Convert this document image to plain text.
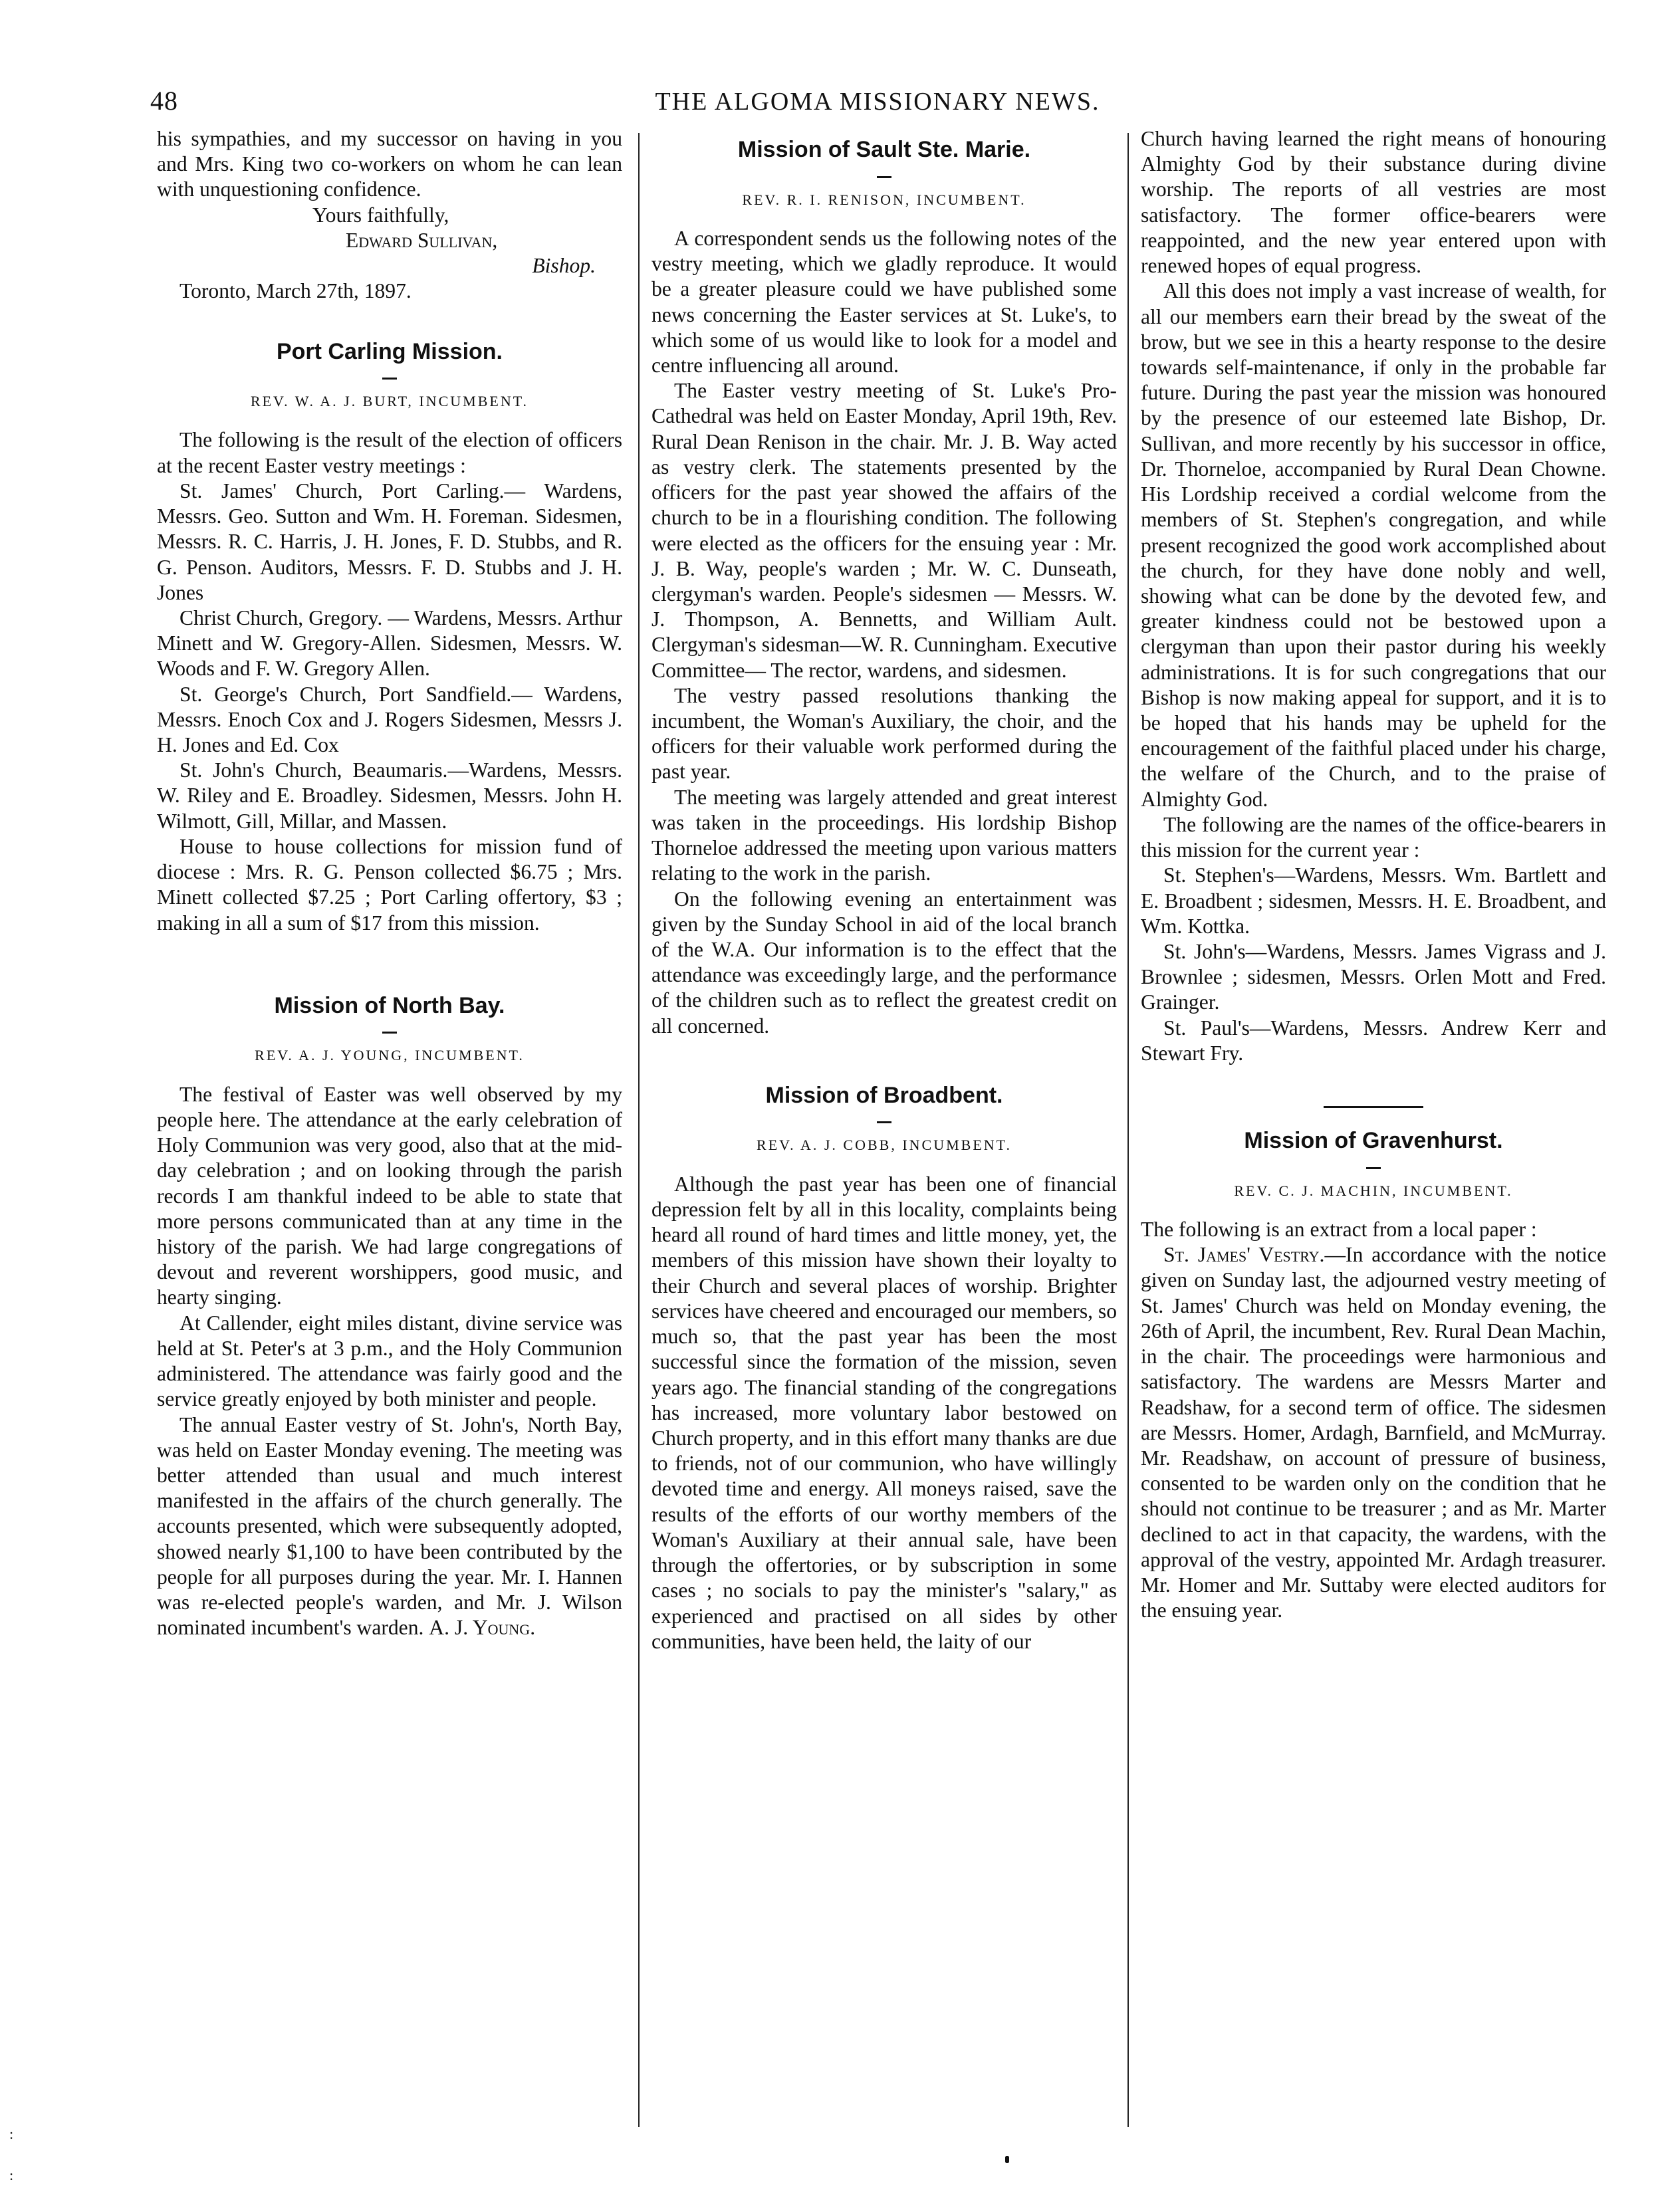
48	THE ALGOMA MISSIONARY NEWS.

his sympathies, and my successor on having in you and Mrs. King two co-workers on whom he can lean with unquestioning confidence.

Yours faithfully,

Edward Sullivan,

Bishop.

Toronto, March 27th, 1897.

Port Carling Mission.
REV. W. A. J. BURT, INCUMBENT.

The following is the result of the election of officers at the recent Easter vestry meetings :

St. James' Church, Port Carling.— Wardens, Messrs. Geo. Sutton and Wm. H. Foreman. Sidesmen, Messrs. R. C. Harris, J. H. Jones, F. D. Stubbs, and R. G. Penson. Auditors, Messrs. F. D. Stubbs and J. H. Jones

Christ Church, Gregory. — Wardens, Messrs. Arthur Minett and W. Gregory-Allen. Sidesmen, Messrs. W. Woods and F. W. Gregory Allen.

St. George's Church, Port Sandfield.— Wardens, Messrs. Enoch Cox and J. Rogers Sidesmen, Messrs J. H. Jones and Ed. Cox

St. John's Church, Beaumaris.—Wardens, Messrs. W. Riley and E. Broadley. Sidesmen, Messrs. John H. Wilmott, Gill, Millar, and Massen.

House to house collections for mission fund of diocese : Mrs. R. G. Penson collected $6.75 ; Mrs. Minett collected $7.25 ; Port Carling offertory, $3 ; making in all a sum of $17 from this mission.

Mission of North Bay.
REV. A. J. YOUNG, INCUMBENT.

The festival of Easter was well observed by my people here. The attendance at the early celebration of Holy Communion was very good, also that at the mid-day celebration ; and on looking through the parish records I am thankful indeed to be able to state that more persons communicated than at any time in the history of the parish. We had large congregations of devout and reverent worshippers, good music, and hearty singing.

At Callender, eight miles distant, divine service was held at St. Peter's at 3 p.m., and the Holy Communion administered. The attendance was fairly good and the service greatly enjoyed by both minister and people.

The annual Easter vestry of St. John's, North Bay, was held on Easter Monday evening. The meeting was better attended than usual and much interest manifested in the affairs of the church generally. The accounts presented, which were subsequently adopted, showed nearly $1,100 to have been contributed by the people for all purposes during the year. Mr. I. Hannen was re-elected people's warden, and Mr. J. Wilson nominated incumbent's warden. A. J. Young.

Mission of Sault Ste. Marie.
REV. R. I. RENISON, INCUMBENT.

A correspondent sends us the following notes of the vestry meeting, which we gladly reproduce. It would be a greater pleasure could we have published some news concerning the Easter services at St. Luke's, to which some of us would like to look for a model and centre influencing all around.

The Easter vestry meeting of St. Luke's Pro-Cathedral was held on Easter Monday, April 19th, Rev. Rural Dean Renison in the chair. Mr. J. B. Way acted as vestry clerk. The statements presented by the officers for the past year showed the affairs of the church to be in a flourishing condition. The following were elected as the officers for the ensuing year : Mr. J. B. Way, people's warden ; Mr. W. C. Dunseath, clergyman's warden. People's sidesmen — Messrs. W. J. Thompson, A. Bennetts, and William Ault. Clergyman's sidesman—W. R. Cunningham. Executive Committee— The rector, wardens, and sidesmen.

The vestry passed resolutions thanking the incumbent, the Woman's Auxiliary, the choir, and the officers for their valuable work performed during the past year.

The meeting was largely attended and great interest was taken in the proceedings. His lordship Bishop Thorneloe addressed the meeting upon various matters relating to the work in the parish.

On the following evening an entertainment was given by the Sunday School in aid of the local branch of the W.A. Our information is to the effect that the attendance was exceedingly large, and the performance of the children such as to reflect the greatest credit on all concerned.

Mission of Broadbent.
REV. A. J. COBB, INCUMBENT.

Although the past year has been one of financial depression felt by all in this locality, complaints being heard all round of hard times and little money, yet, the members of this mission have shown their loyalty to their Church and several places of worship. Brighter services have cheered and encouraged our members, so much so, that the past year has been the most successful since the formation of the mission, seven years ago. The financial standing of the congregations has increased, more voluntary labor bestowed on Church property, and in this effort many thanks are due to friends, not of our communion, who have willingly devoted time and energy. All moneys raised, save the results of the efforts of our worthy members of the Woman's Auxiliary at their annual sale, have been through the offertories, or by subscription in some cases ; no socials to pay the minister's "salary," as experienced and practised on all sides by other communities, have been held, the laity of our

Church having learned the right means of honouring Almighty God by their substance during divine worship. The reports of all vestries are most satisfactory. The former office-bearers were reappointed, and the new year entered upon with renewed hopes of equal progress.

All this does not imply a vast increase of wealth, for all our members earn their bread by the sweat of the brow, but we see in this a hearty response to the desire towards self-maintenance, if only in the probable far future. During the past year the mission was honoured by the presence of our esteemed late Bishop, Dr. Sullivan, and more recently by his successor in office, Dr. Thorneloe, accompanied by Rural Dean Chowne. His Lordship received a cordial welcome from the members of St. Stephen's congregation, and while present recognized the good work accomplished about the church, for they have done nobly and well, showing what can be done by the devoted few, and greater kindness could not be bestowed upon a clergyman than upon their pastor during his weekly administrations. It is for such congregations that our Bishop is now making appeal for support, and it is to be hoped that his hands may be upheld for the encouragement of the faithful placed under his charge, the welfare of the Church, and to the praise of Almighty God.

The following are the names of the office-bearers in this mission for the current year :

St. Stephen's—Wardens, Messrs. Wm. Bartlett and E. Broadbent ; sidesmen, Messrs. H. E. Broadbent, and Wm. Kottka.

St. John's—Wardens, Messrs. James Vigrass and J. Brownlee ; sidesmen, Messrs. Orlen Mott and Fred. Grainger.

St. Paul's—Wardens, Messrs. Andrew Kerr and Stewart Fry.

Mission of Gravenhurst.
REV. C. J. MACHIN, INCUMBENT.

The following is an extract from a local paper :

St. James' Vestry.—In accordance with the notice given on Sunday last, the adjourned vestry meeting of St. James' Church was held on Monday evening, the 26th of April, the incumbent, Rev. Rural Dean Machin, in the chair. The proceedings were harmonious and satisfactory. The wardens are Messrs Marter and Readshaw, for a second term of office. The sidesmen are Messrs. Homer, Ardagh, Barnfield, and McMurray. Mr. Readshaw, on account of pressure of business, consented to be warden only on the condition that he should not continue to be treasurer ; and as Mr. Marter declined to act in that capacity, the wardens, with the approval of the vestry, appointed Mr. Ardagh treasurer. Mr. Homer and Mr. Suttaby were elected auditors for the ensuing year.

:
:
